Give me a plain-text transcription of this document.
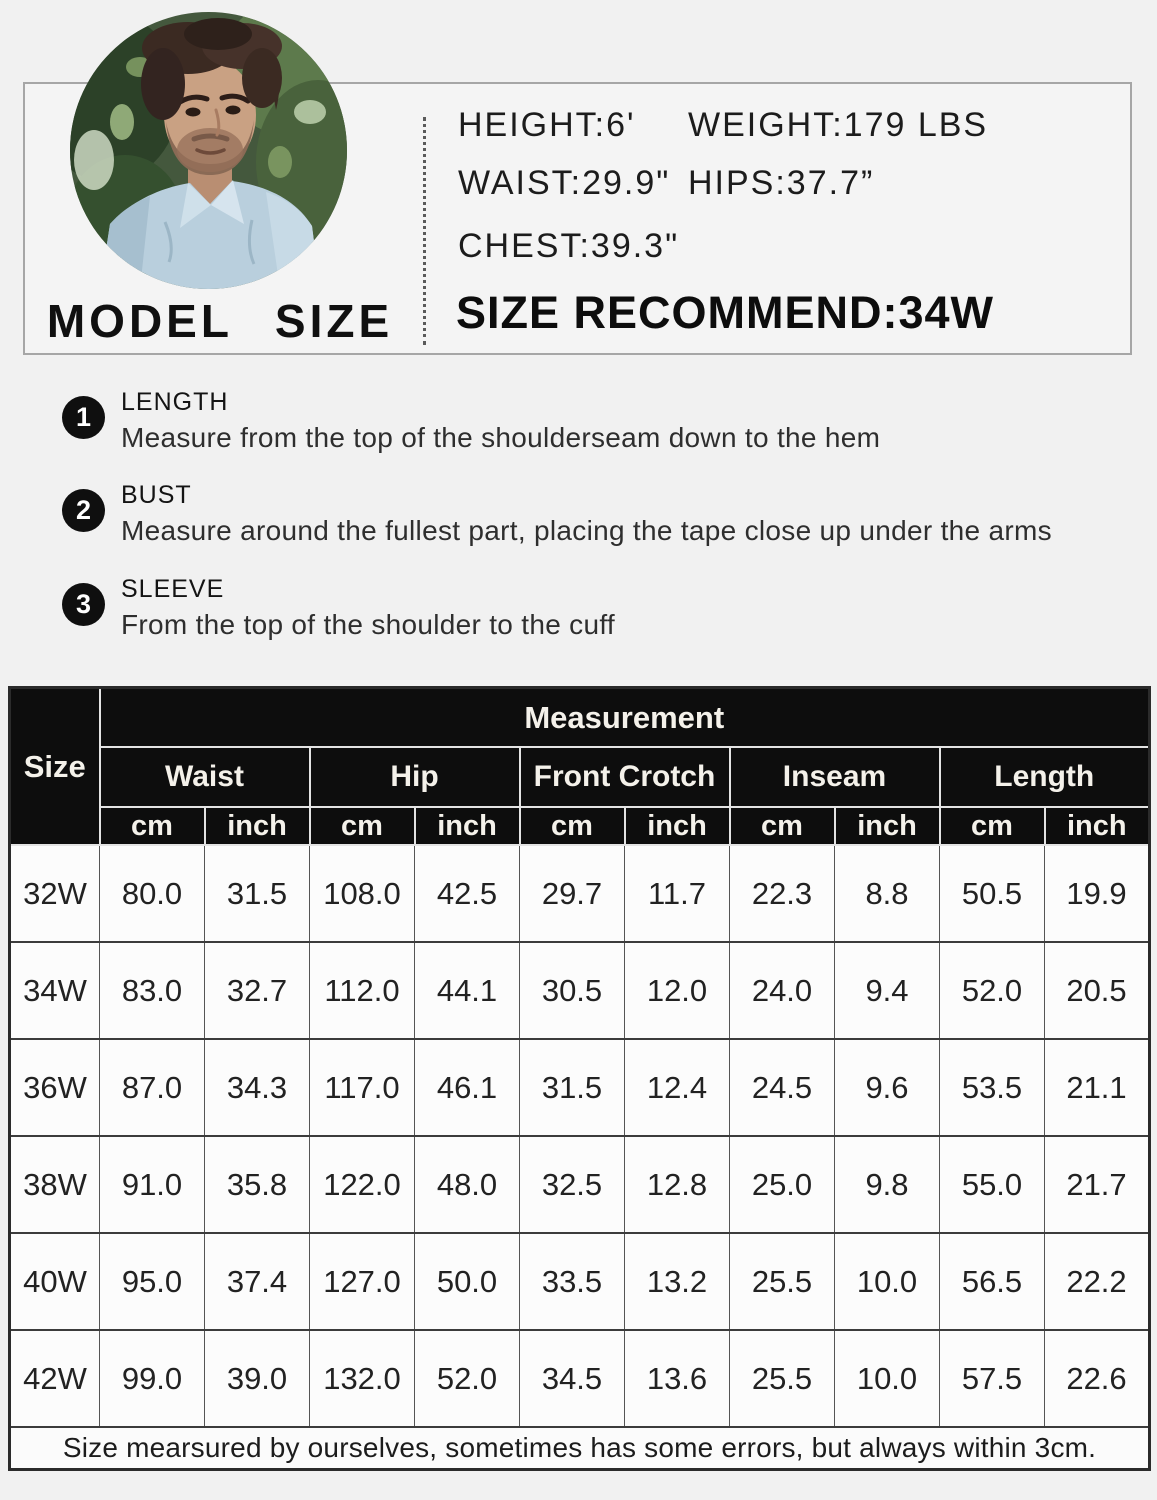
MODEL SIZE
HEIGHT:6' WEIGHT:179 LBS
WAIST:29.9" HIPS:37.7”
CHEST:39.3"
SIZE RECOMMEND:34W
1	LENGTH
Measure from the top of the shoulderseam down to the hem
2	BUST
Measure around the fullest part, placing the tape close up under the arms
3	SLEEVE
From the top of the shoulder to the cuff
Size	Measurement									
	Waist		Hip		Front Crotch		Inseam		Length	
	cm	inch	cm	inch	cm	inch	cm	inch	cm	inch
32W	80.0	31.5	108.0	42.5	29.7	11.7	22.3	8.8	50.5	19.9
34W	83.0	32.7	112.0	44.1	30.5	12.0	24.0	9.4	52.0	20.5
36W	87.0	34.3	117.0	46.1	31.5	12.4	24.5	9.6	53.5	21.1
38W	91.0	35.8	122.0	48.0	32.5	12.8	25.0	9.8	55.0	21.7
40W	95.0	37.4	127.0	50.0	33.5	13.2	25.5	10.0	56.5	22.2
42W	99.0	39.0	132.0	52.0	34.5	13.6	25.5	10.0	57.5	22.6
Size mearsured by ourselves, sometimes has some errors, but always within 3cm.										
